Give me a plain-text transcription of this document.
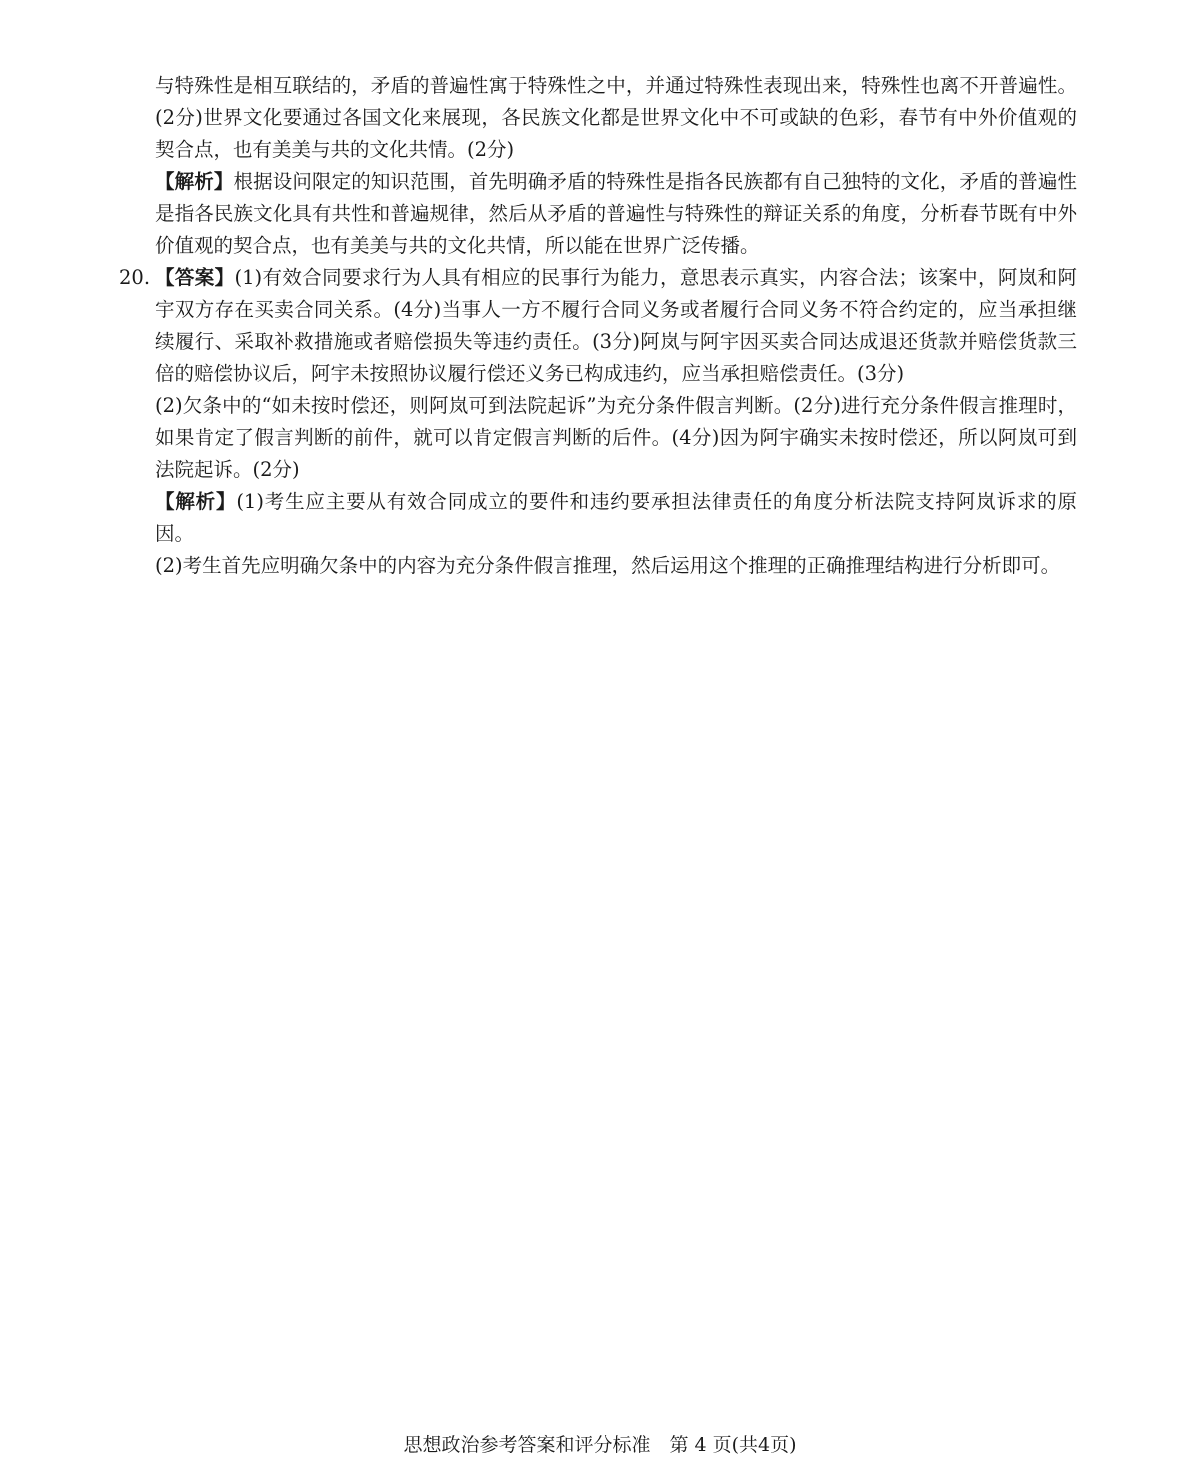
与特殊性是相互联结的，矛盾的普遍性寓于特殊性之中，并通过特殊性表现出来，特殊性也离不开普遍性。(2分)世界文化要通过各国文化来展现，各民族文化都是世界文化中不可或缺的色彩，春节有中外价值观的契合点，也有美美与共的文化共情。(2分)

【解析】根据设问限定的知识范围，首先明确矛盾的特殊性是指各民族都有自己独特的文化，矛盾的普遍性是指各民族文化具有共性和普遍规律，然后从矛盾的普遍性与特殊性的辩证关系的角度，分析春节既有中外价值观的契合点，也有美美与共的文化共情，所以能在世界广泛传播。

20. 【答案】(1)有效合同要求行为人具有相应的民事行为能力，意思表示真实，内容合法；该案中，阿岚和阿宇双方存在买卖合同关系。(4分)当事人一方不履行合同义务或者履行合同义务不符合约定的，应当承担继续履行、采取补救措施或者赔偿损失等违约责任。(3分)阿岚与阿宇因买卖合同达成退还货款并赔偿货款三倍的赔偿协议后，阿宇未按照协议履行偿还义务已构成违约，应当承担赔偿责任。(3分)

(2)欠条中的“如未按时偿还，则阿岚可到法院起诉”为充分条件假言判断。(2分)进行充分条件假言推理时，如果肯定了假言判断的前件，就可以肯定假言判断的后件。(4分)因为阿宇确实未按时偿还，所以阿岚可到法院起诉。(2分)

【解析】(1)考生应主要从有效合同成立的要件和违约要承担法律责任的角度分析法院支持阿岚诉求的原因。

(2)考生首先应明确欠条中的内容为充分条件假言推理，然后运用这个推理的正确推理结构进行分析即可。

思想政治参考答案和评分标准　第 4 页(共4页)
